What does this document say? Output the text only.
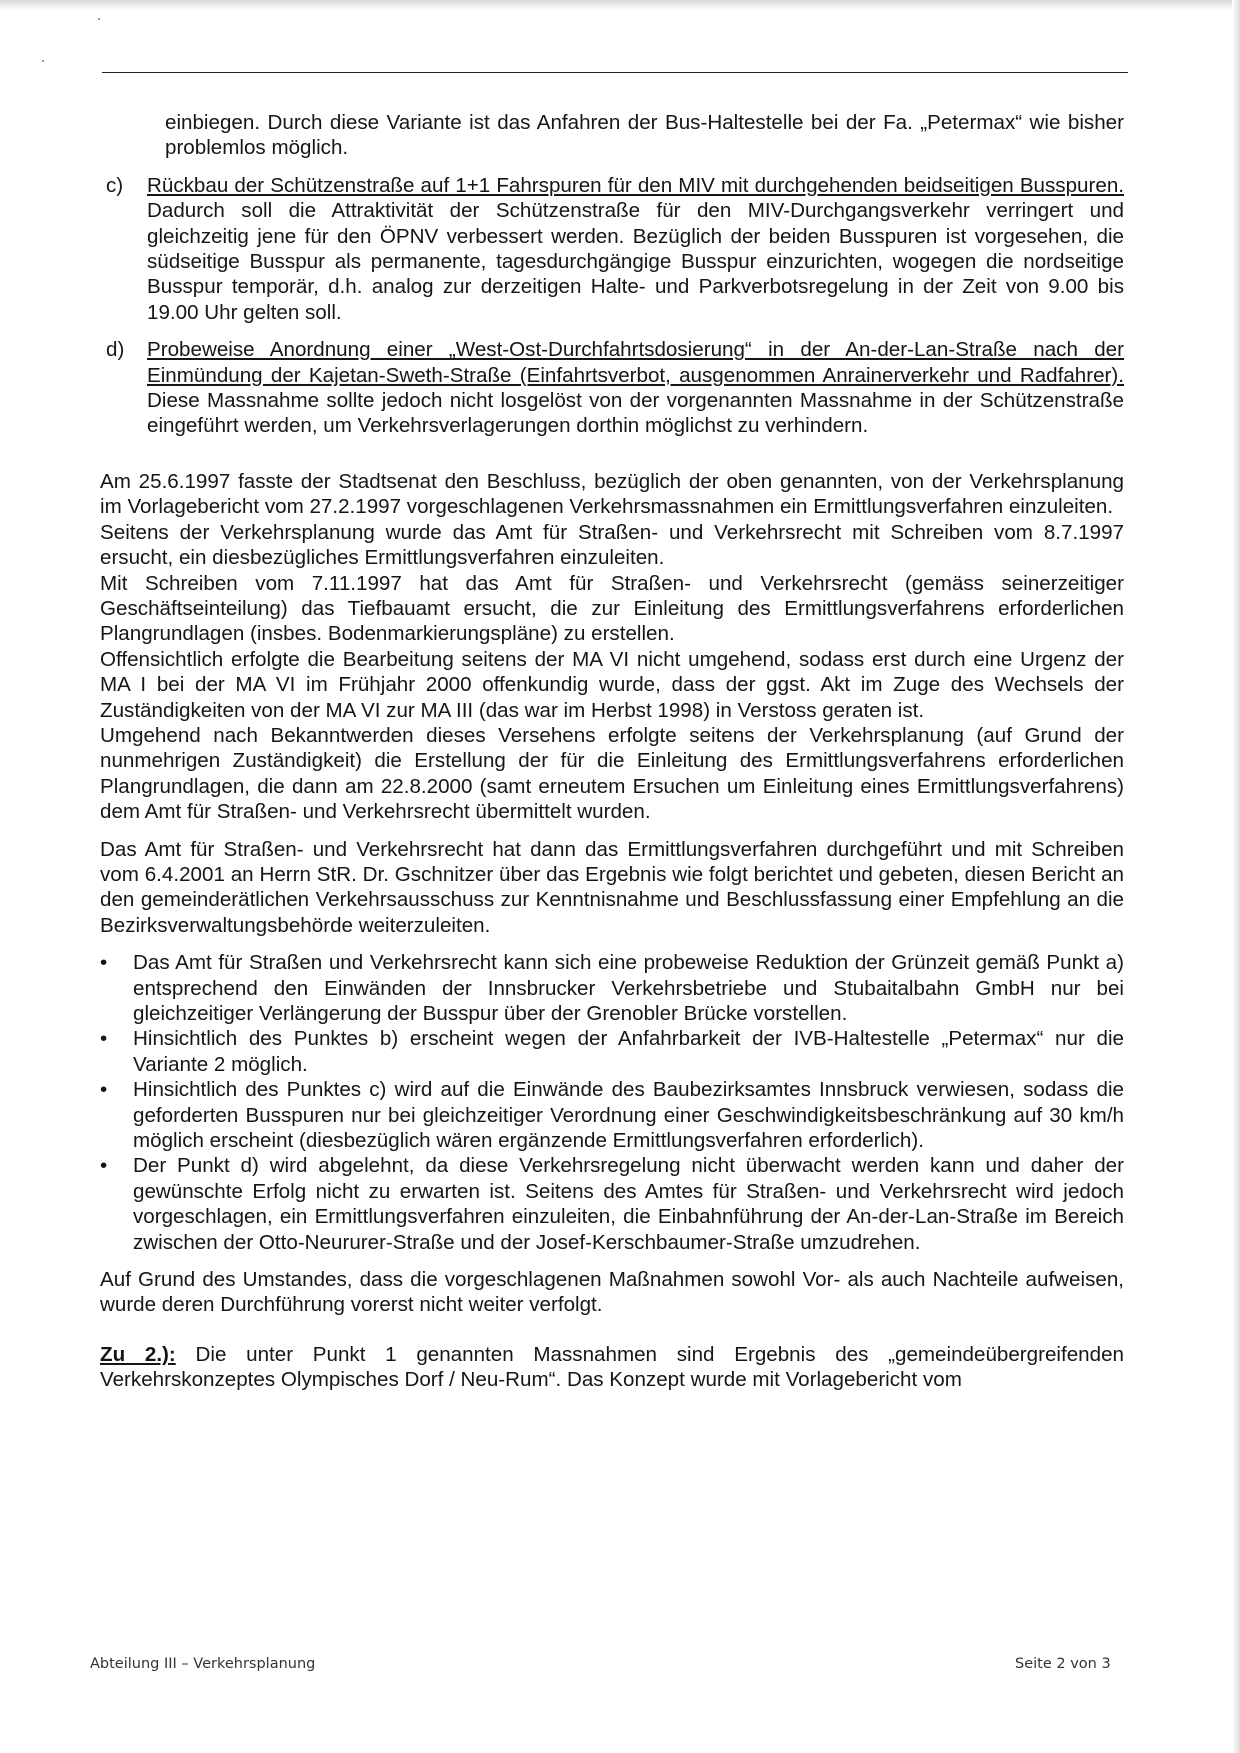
einbiegen. Durch diese Variante ist das Anfahren der Bus-Haltestelle bei der Fa. „Petermax“ wie bisher problemlos möglich.

c)	Rückbau der Schützenstraße auf 1+1 Fahrspuren für den MIV mit durchgehenden beidseitigen Busspuren. Dadurch soll die Attraktivität der Schützenstraße für den MIV-Durchgangsverkehr verringert und gleichzeitig jene für den ÖPNV verbessert werden. Bezüglich der beiden Busspuren ist vorgesehen, die südseitige Busspur als permanente, tagesdurchgängige Busspur einzurichten, wogegen die nordseitige Busspur temporär, d.h. analog zur derzeitigen Halte- und Parkverbotsregelung in der Zeit von 9.00 bis 19.00 Uhr gelten soll.

d)	Probeweise Anordnung einer „West-Ost-Durchfahrtsdosierung“ in der An-der-Lan-Straße nach der Einmündung der Kajetan-Sweth-Straße (Einfahrtsverbot, ausgenommen Anrainerverkehr und Radfahrer). Diese Massnahme sollte jedoch nicht losgelöst von der vorgenannten Massnahme in der Schützenstraße eingeführt werden, um Verkehrsverlagerungen dorthin möglichst zu verhindern.

Am 25.6.1997 fasste der Stadtsenat den Beschluss, bezüglich der oben genannten, von der Verkehrsplanung im Vorlagebericht vom 27.2.1997 vorgeschlagenen Verkehrsmassnahmen ein Ermittlungsverfahren einzuleiten.

Seitens der Verkehrsplanung wurde das Amt für Straßen- und Verkehrsrecht mit Schreiben vom 8.7.1997 ersucht, ein diesbezügliches Ermittlungsverfahren einzuleiten.

Mit Schreiben vom 7.11.1997 hat das Amt für Straßen- und Verkehrsrecht (gemäss seinerzeitiger Geschäftseinteilung) das Tiefbauamt ersucht, die zur Einleitung des Ermittlungsverfahrens erforderlichen Plangrundlagen (insbes. Bodenmarkierungspläne) zu erstellen.

Offensichtlich erfolgte die Bearbeitung seitens der MA VI nicht umgehend, sodass erst durch eine Urgenz der MA I bei der MA VI im Frühjahr 2000 offenkundig wurde, dass der ggst. Akt im Zuge des Wechsels der Zuständigkeiten von der MA VI zur MA III (das war im Herbst 1998) in Verstoss geraten ist.

Umgehend nach Bekanntwerden dieses Versehens erfolgte seitens der Verkehrsplanung (auf Grund der nunmehrigen Zuständigkeit) die Erstellung der für die Einleitung des Ermittlungsverfahrens erforderlichen Plangrundlagen, die dann am 22.8.2000 (samt erneutem Ersuchen um Einleitung eines Ermittlungsverfahrens) dem Amt für Straßen- und Verkehrsrecht übermittelt wurden.

Das Amt für Straßen- und Verkehrsrecht hat dann das Ermittlungsverfahren durchgeführt und mit Schreiben vom 6.4.2001 an Herrn StR. Dr. Gschnitzer über das Ergebnis wie folgt berichtet und gebeten, diesen Bericht an den gemeinderätlichen Verkehrsausschuss zur Kenntnisnahme und Beschlussfassung einer Empfehlung an die Bezirksverwaltungsbehörde weiterzuleiten.

•	Das Amt für Straßen und Verkehrsrecht kann sich eine probeweise Reduktion der Grünzeit gemäß Punkt a) entsprechend den Einwänden der Innsbrucker Verkehrsbetriebe und Stubaitalbahn GmbH nur bei gleichzeitiger Verlängerung der Busspur über der Grenobler Brücke vorstellen.

•	Hinsichtlich des Punktes b) erscheint wegen der Anfahrbarkeit der IVB-Haltestelle „Petermax“ nur die Variante 2 möglich.

•	Hinsichtlich des Punktes c) wird auf die Einwände des Baubezirksamtes Innsbruck verwiesen, sodass die geforderten Busspuren nur bei gleichzeitiger Verordnung einer Geschwindigkeitsbeschränkung auf 30 km/h möglich erscheint (diesbezüglich wären ergänzende Ermittlungsverfahren erforderlich).

•	Der Punkt d) wird abgelehnt, da diese Verkehrsregelung nicht überwacht werden kann und daher der gewünschte Erfolg nicht zu erwarten ist. Seitens des Amtes für Straßen- und Verkehrsrecht wird jedoch vorgeschlagen, ein Ermittlungsverfahren einzuleiten, die Einbahnführung der An-der-Lan-Straße im Bereich zwischen der Otto-Neururer-Straße und der Josef-Kerschbaumer-Straße umzudrehen.

Auf Grund des Umstandes, dass die vorgeschlagenen Maßnahmen sowohl Vor- als auch Nachteile aufweisen, wurde deren Durchführung vorerst nicht weiter verfolgt.

Zu 2.): Die unter Punkt 1 genannten Massnahmen sind Ergebnis des „gemeindeübergreifenden Verkehrskonzeptes Olympisches Dorf / Neu-Rum“. Das Konzept wurde mit Vorlagebericht vom

Abteilung III – Verkehrsplanung	Seite 2 von 3
